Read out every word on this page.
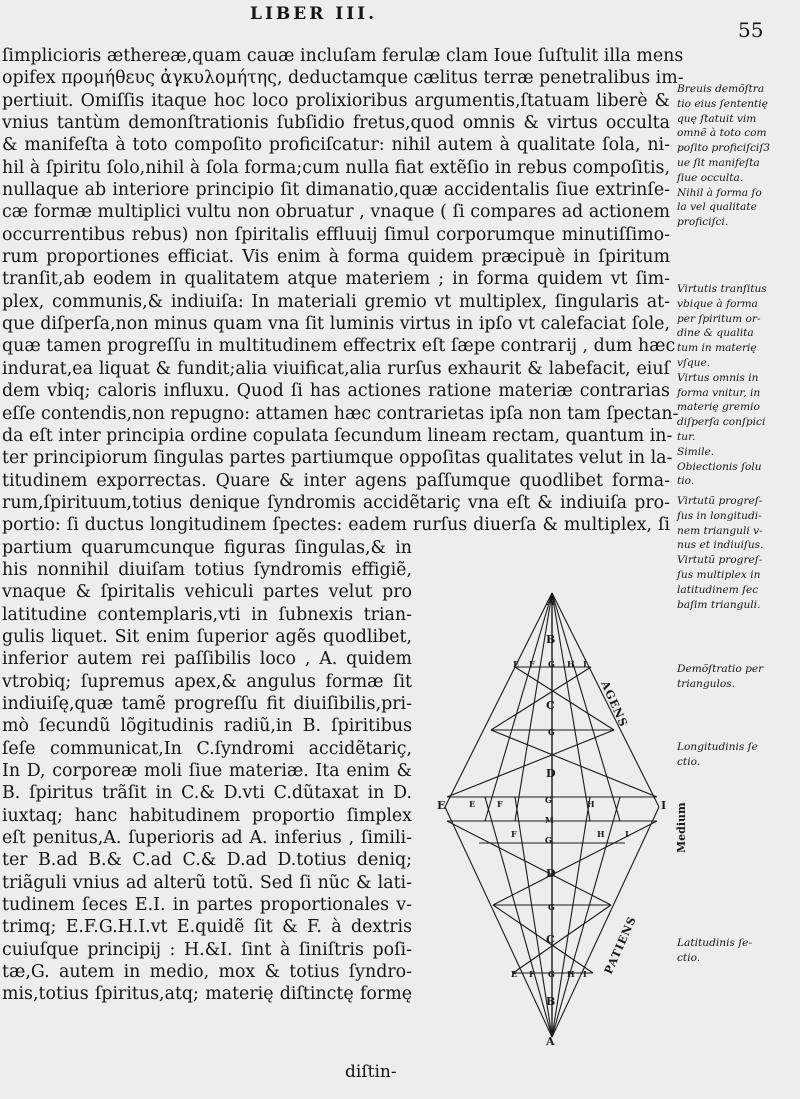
LIBER III.
55
ſimplicioris æthereæ,quam cauæ incluſam ferulæ clam Ioue ſuſtulit illa mens
opifex προμήθευς ἀγκυλομήτης, deductamque cælitus terræ penetralibus im-
pertiuit. Omiſſis itaque hoc loco prolixioribus argumentis,ſtatuam liberè &
vnius tantùm demonſtrationis ſubſidio fretus,quod omnis & virtus occulta
& manifeſta à toto compoſito proficiſcatur: nihil autem à qualitate ſola, ni-
hil à ſpiritu ſolo,nihil à ſola forma;cum nulla fiat extẽſio in rebus compoſitis,
nullaque ab interiore principio ſit dimanatio,quæ accidentalis ſiue extrinſe-
cæ formæ multiplici vultu non obruatur , vnaque ( ſi compares ad actionem
occurrentibus rebus) non ſpiritalis effluuij ſimul corporumque minutiſſimo-
rum proportiones efficiat. Vis enim à forma quidem præcipuè in ſpiritum
tranſit,ab eodem in qualitatem atque materiem ; in forma quidem vt ſim-
plex, communis,& indiuiſa: In materiali gremio vt multiplex, ſingularis at-
que diſperſa,non minus quam vna ſit luminis virtus in ipſo vt calefaciat ſole,
quæ tamen progreſſu in multitudinem effectrix eſt ſæpe contrarij , dum hæc
indurat,ea liquat & fundit;alia viuificat,alia rurſus exhaurit & labefacit, eiuſ
dem vbiq; caloris influxu. Quod ſi has actiones ratione materiæ contrarias
eſſe contendis,non repugno: attamen hæc contrarietas ipſa non tam ſpectan-
da eſt inter principia ordine copulata ſecundum lineam rectam, quantum in-
ter principiorum ſingulas partes partiumque oppoſitas qualitates velut in la-
titudinem exporrectas. Quare & inter agens paſſumque quodlibet forma-
rum,ſpirituum,totius denique ſyndromis accidẽtariç vna eſt & indiuiſa pro-
portio: ſi ductus longitudinem ſpectes: eadem rurſus diuerſa & multiplex, ſi
partium quarumcunque figuras ſingulas,& in
his nonnihil diuiſam totius ſyndromis effigiẽ,
vnaque & ſpiritalis vehiculi partes velut pro
latitudine contemplaris,vti in ſubnexis trian-
gulis liquet. Sit enim ſuperior agẽs quodlibet,
inferior autem rei paſſibilis loco , A. quidem
vtrobiq; ſupremus apex,& angulus formæ ſit
indiuiſę,quæ tamẽ progreſſu fit diuiſibilis,pri-
mò ſecundũ lõgitudinis radiũ,in B. ſpiritibus
ſeſe communicat,In C.ſyndromi accidẽtariç,
In D, corporeæ moli ſiue materiæ. Ita enim &
B. ſpiritus trãſit in C.& D.vti C.dũtaxat in D.
iuxtaq; hanc habitudinem proportio ſimplex
eſt penitus,A. ſuperioris ad A. inferius , ſimili-
ter B.ad B.& C.ad C.& D.ad D.totius deniq;
triãguli vnius ad alterũ totũ. Sed ſi nũc & lati-
tudinem ſeces E.I. in partes proportionales v-
trimq; E.F.G.H.I.vt E.quidẽ ſit & F. à dextris
cuiuſque principij : H.&I. ſint à ſiniſtris poſi-
tæ,G. autem in medio, mox & totius ſyndro-
mis,totius ſpiritus,atq; materię diſtinctę formę
diſtin-
Breuis demõſtra
tio eius ſententię
quę ſtatuit vim
omnẽ à toto com
poſito proficiſciſ3
ue ſit manifeſta
ſiue occulta.
Nihil à forma ſo
la vel qualitate
proficiſci.
Virtutis tranſitus
vbique à forma
per ſpiritum or-
dine & qualita
tum in materię
vſque.
Virtus omnis in
forma vnitur, in
materię gremio
diſperſa conſpici
tur.
Simile.
Obiectionis ſolu
tio.
Virtutũ progreſ-
ſus in longitudi-
nem trianguli v-
nus et indiuiſus.
Virtutũ progreſ-
ſus multiplex in
latitudinem ſec
baſim trianguli.
Demõſtratio per
triangulos.
Longitudinis ſe
ctio.
Latitudinis ſe-
ctio.
A
A
B
C
D
D
C
B
E F G H I
E F G H I
G
G
E	F
F
G
M
G
H
H	I
E	I
AGENS
PATIENS
Medium
